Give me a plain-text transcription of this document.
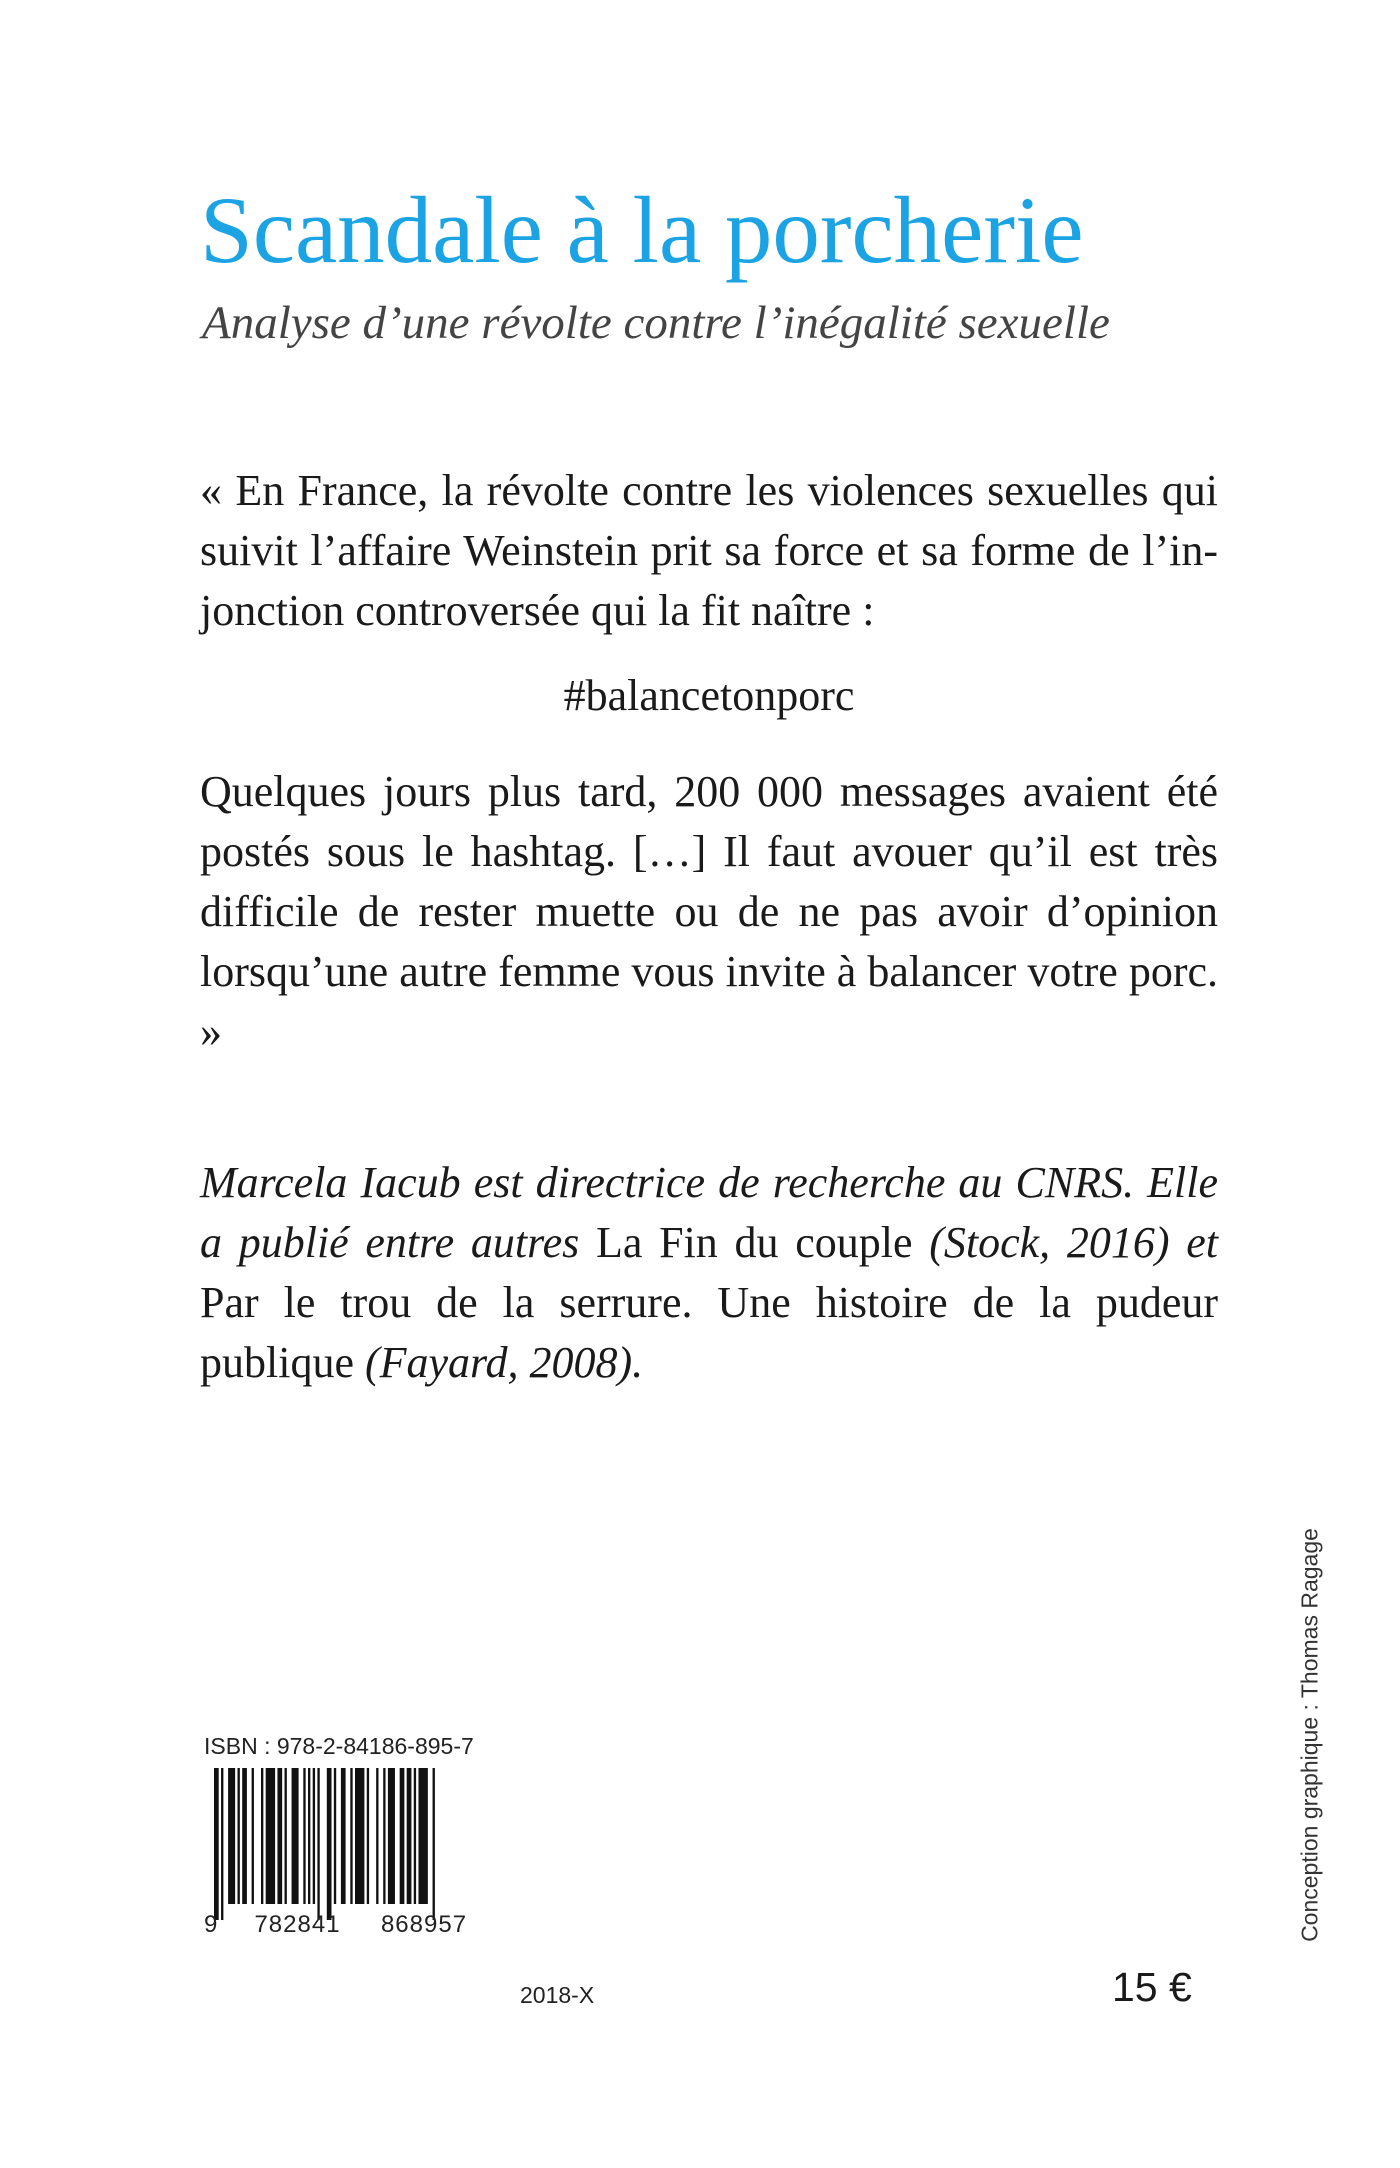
Scandale à la porcherie
Analyse d’une révolte contre l’inégalité sexuelle

« En France, la révolte contre les violences sexuelles qui suivit l’affaire Weinstein prit sa force et sa forme de l’injonction controversée qui la fit naître :

#balancetonporc

Quelques jours plus tard, 200 000 messages avaient été postés sous le hashtag. […] Il faut avouer qu’il est très difficile de rester muette ou de ne pas avoir d’opinion lorsqu’une autre femme vous invite à balancer votre porc. »

Marcela Iacub est directrice de recherche au CNRS. Elle a publié entre autres La Fin du couple (Stock, 2016) et Par le trou de la serrure. Une histoire de la pudeur publique (Fayard, 2008).

Conception graphique : Thomas Ragage

ISBN : 978-2-84186-895-7

9	782841	868957

2018-X	15 €
